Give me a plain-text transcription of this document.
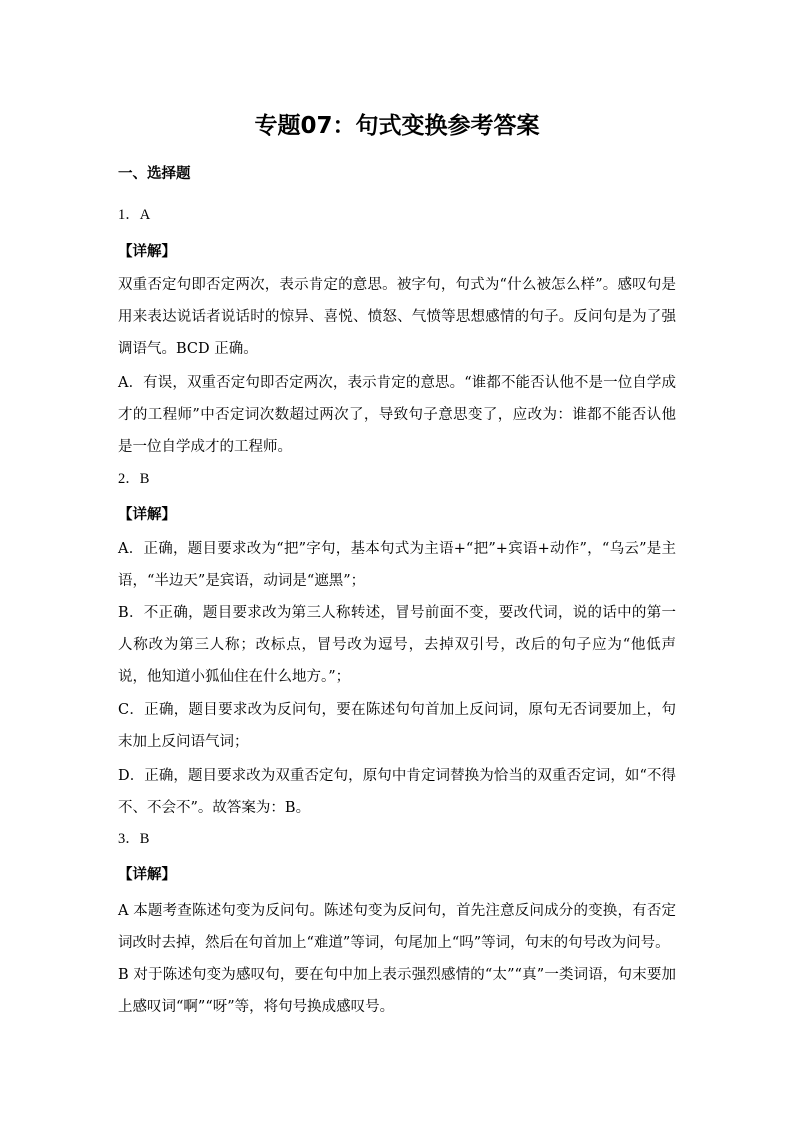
专题07：句式变换参考答案
一、选择题
1．A
【详解】
双重否定句即否定两次，表示肯定的意思。被字句，句式为“什么被怎么样”。感叹句是用来表达说话者说话时的惊异、喜悦、愤怒、气愤等思想感情的句子。反问句是为了强调语气。BCD 正确。
A．有误，双重否定句即否定两次，表示肯定的意思。“谁都不能否认他不是一位自学成才的工程师”中否定词次数超过两次了，导致句子意思变了，应改为：谁都不能否认他是一位自学成才的工程师。
2．B
【详解】
A．正确，题目要求改为“把”字句，基本句式为主语+“把”+宾语+动作”，“乌云”是主语，“半边天”是宾语，动词是“遮黑”；
B．不正确，题目要求改为第三人称转述，冒号前面不变，要改代词，说的话中的第一人称改为第三人称；改标点，冒号改为逗号，去掉双引号，改后的句子应为“他低声说，他知道小狐仙住在什么地方。”；
C．正确，题目要求改为反问句，要在陈述句句首加上反问词，原句无否词要加上，句末加上反问语气词；
D．正确，题目要求改为双重否定句，原句中肯定词替换为恰当的双重否定词，如“不得不、不会不”。故答案为：B。
3．B
【详解】
A 本题考查陈述句变为反问句。陈述句变为反问句，首先注意反问成分的变换，有否定词改时去掉，然后在句首加上“难道”等词，句尾加上“吗”等词，句末的句号改为问号。
B 对于陈述句变为感叹句，要在句中加上表示强烈感情的“太”“真”一类词语，句末要加上感叹词“啊”“呀”等，将句号换成感叹号。
